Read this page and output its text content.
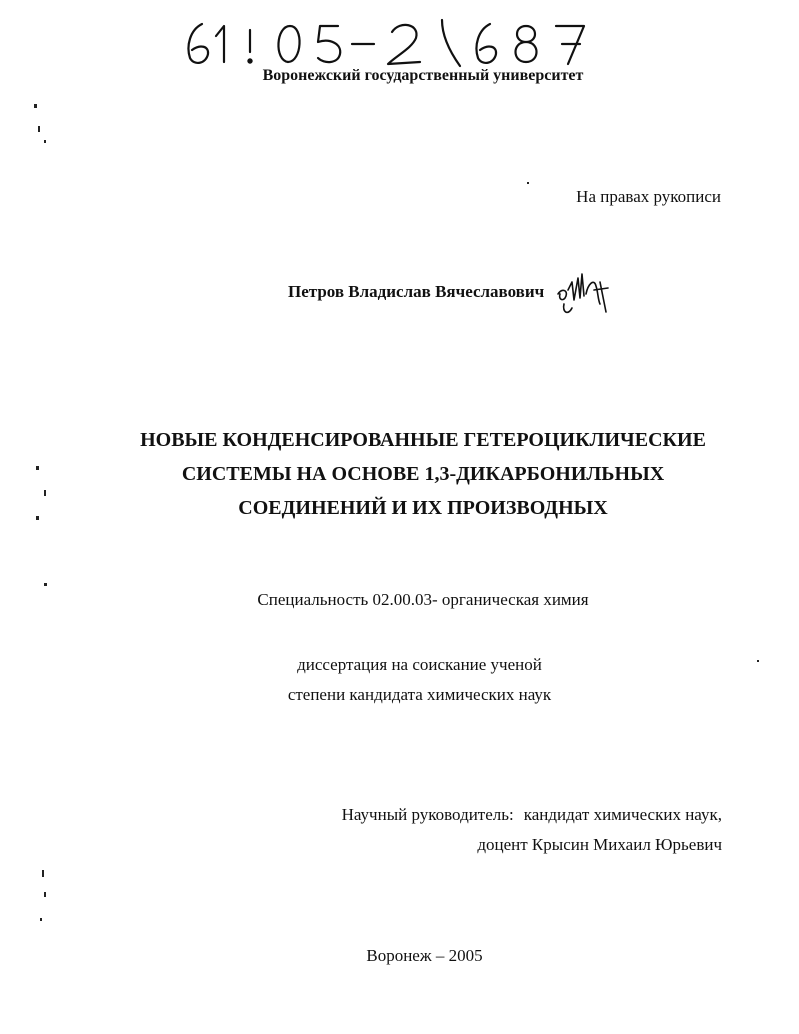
Воронежский государственный университет
На правах рукописи
Петров Владислав Вячеславович
НОВЫЕ КОНДЕНСИРОВАННЫЕ ГЕТЕРОЦИКЛИЧЕСКИЕ
СИСТЕМЫ НА ОСНОВЕ 1,3-ДИКАРБОНИЛЬНЫХ
СОЕДИНЕНИЙ И ИХ ПРОИЗВОДНЫХ
Специальность 02.00.03- органическая химия
диссертация на соискание ученой
степени кандидата химических наук
Научный руководитель: кандидат химических наук,
доцент Крысин Михаил Юрьевич
Воронеж – 2005
